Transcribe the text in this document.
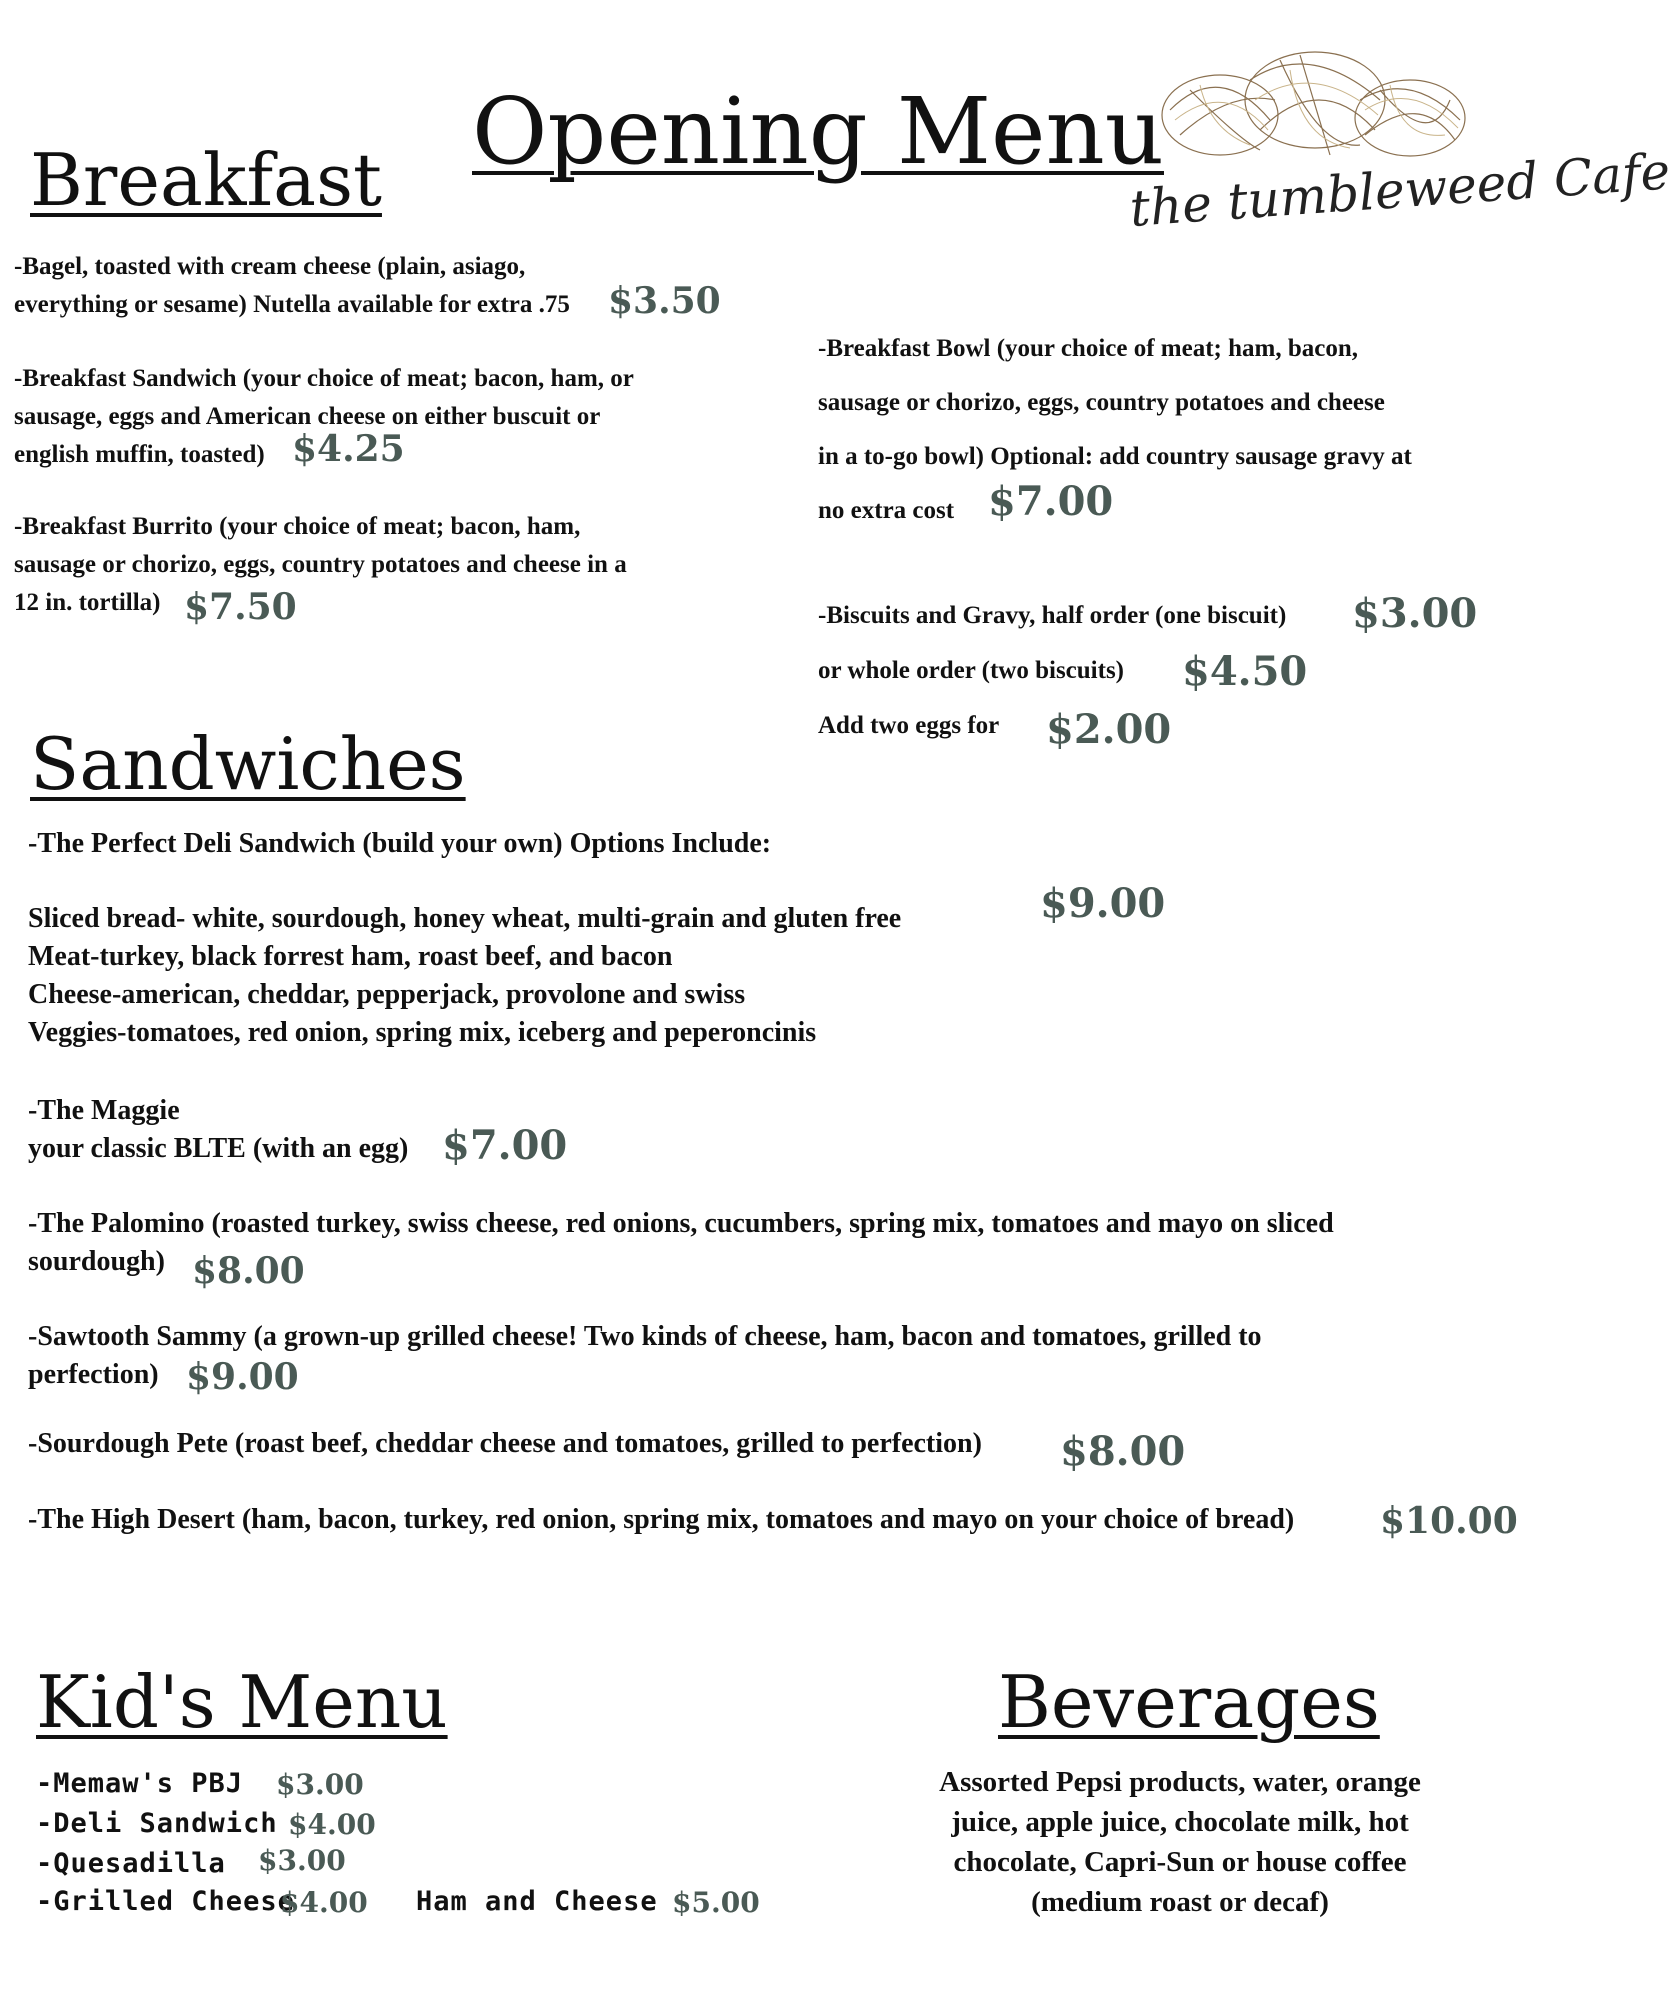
Opening Menu
the tumbleweed Cafe
Breakfast
-Bagel, toasted with cream cheese (plain, asiago,
everything or sesame) Nutella available for extra .75	$3.50
-Breakfast Sandwich (your choice of meat; bacon, ham, or
sausage, eggs and American cheese on either buscuit or
english muffin, toasted) $4.25
-Breakfast Burrito (your choice of meat; bacon, ham,
sausage or chorizo, eggs, country potatoes and cheese in a
12 in. tortilla) $7.50
-Breakfast Bowl (your choice of meat; ham, bacon,
sausage or chorizo, eggs, country potatoes and cheese
in a to-go bowl) Optional: add country sausage gravy at
no extra cost $7.00
-Biscuits and Gravy, half order (one biscuit) $3.00
or whole order (two biscuits) $4.50
Add two eggs for $2.00
Sandwiches
-The Perfect Deli Sandwich (build your own) Options Include:
Sliced bread- white, sourdough, honey wheat, multi-grain and gluten free
Meat-turkey, black forrest ham, roast beef, and bacon
Cheese-american, cheddar, pepperjack, provolone and swiss
Veggies-tomatoes, red onion, spring mix, iceberg and peperoncinis
$9.00
-The Maggie
your classic BLTE (with an egg) $7.00
-The Palomino (roasted turkey, swiss cheese, red onions, cucumbers, spring mix, tomatoes and mayo on sliced
sourdough) $8.00
-Sawtooth Sammy (a grown-up grilled cheese! Two kinds of cheese, ham, bacon and tomatoes, grilled to
perfection) $9.00
-Sourdough Pete (roast beef, cheddar cheese and tomatoes, grilled to perfection) $8.00
-The High Desert (ham, bacon, turkey, red onion, spring mix, tomatoes and mayo on your choice of bread) $10.00
Kid's Menu
-Memaw's PBJ $3.00
-Deli Sandwich $4.00
-Quesadilla $3.00
-Grilled Cheese
$4.00 Ham and Cheese $5.00
Beverages
Assorted Pepsi products, water, orange
juice, apple juice, chocolate milk, hot
chocolate, Capri-Sun or house coffee
(medium roast or decaf)
